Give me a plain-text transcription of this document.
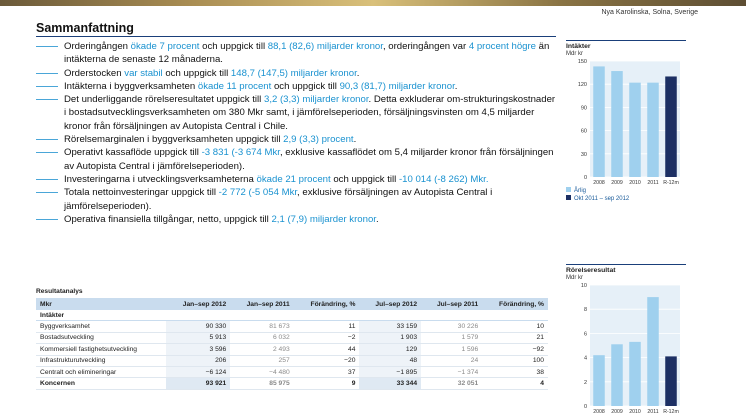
Nya Karolinska, Solna, Sverige
Sammanfattning
Orderingången ökade 7 procent och uppgick till 88,1 (82,6) miljarder kronor, orderingången var 4 procent högre än intäkterna de senaste 12 månaderna.
Orderstocken var stabil och uppgick till 148,7 (147,5) miljarder kronor.
Intäkterna i byggverksamheten ökade 11 procent och uppgick till 90,3 (81,7) miljarder kronor.
Det underliggande rörelseresultatet uppgick till 3,2 (3,3) miljarder kronor. Detta exkluderar om-strukturingskostnader i bostadsutvecklingsverksamheten om 380 Mkr samt, i jämförelseperioden, försäljningsvinsten om 4,5 miljarder kronor från försäljningen av Autopista Central i Chile.
Rörelsemarginalen i byggverksamheten uppgick till 2,9 (3,3) procent.
Operativt kassaflöde uppgick till -3 831 (-3 674 Mkr, exklusive kassaflödet om 5,4 miljarder kronor från försäljningen av Autopista Central i jämförelseperioden).
Investeringarna i utvecklingsverksamheterna ökade 21 procent och uppgick till -10 014 (-8 262) Mkr.
Totala nettoinvesteringar uppgick till -2 772 (-5 054 Mkr, exklusive försäljningen av Autopista Central i jämförelseperioden).
Operativa finansiella tillgångar, netto, uppgick till 2,1 (7,9) miljarder kronor.
Resultatanalys
Mkr	Jan–sep 2012	Jan–sep 2011	Förändring, %	Jul–sep 2012	Jul–sep 2011	Förändring, %
Intäkter						
Byggverksamhet	90 330	81 673	11	33 159	30 226	10
Bostadsutveckling	5 913	6 032	−2	1 903	1 579	21
Kommersiell fastighetsutveckling	3 596	2 493	44	129	1 596	−92
Infrastrukturutveckling	206	257	−20	48	24	100
Centralt och elimineringar	−6 124	−4 480	37	−1 895	−1 374	38
Koncernen	93 921	85 975	9	33 344	32 051	4
Intäkter
Mdr kr
0
30
60
90
120
150
2008 2009 2010 2011 R-12m
Årlig
Okt 2011 – sep 2012
Rörelseresultat
Mdr kr
0
2
4
6
8
10
2008 2009 2010 2011 R-12m
